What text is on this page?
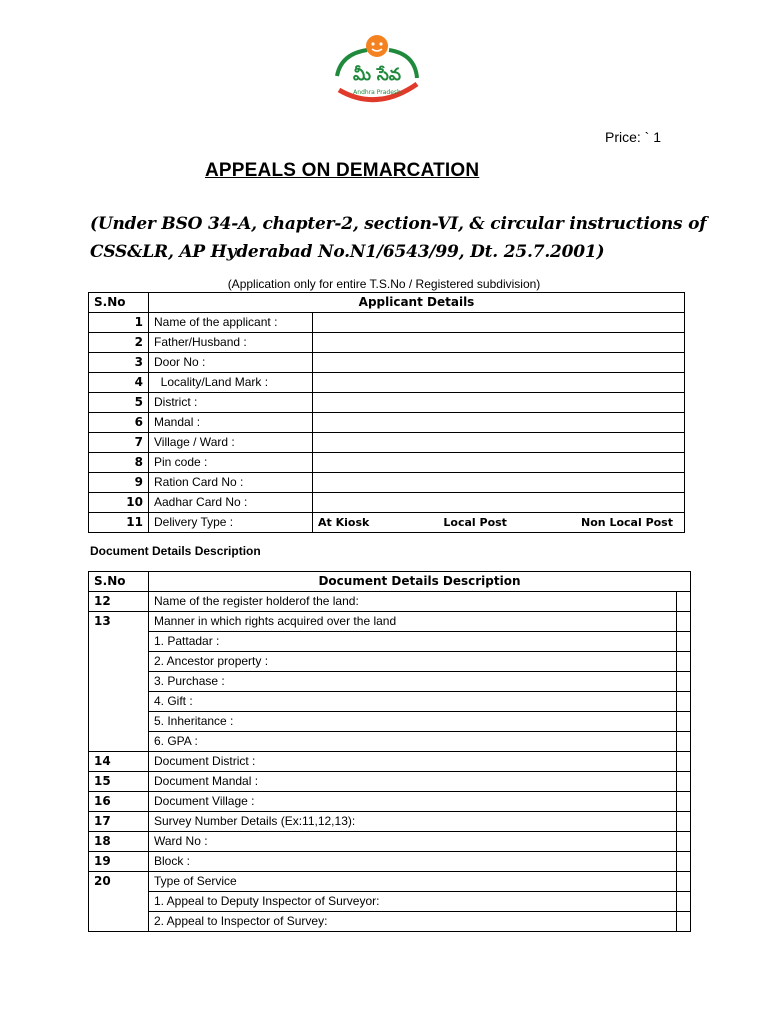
మీ సేవ
Andhra Pradesh
Price: ` 1
APPEALS ON DEMARCATION
(Under BSO 34-A, chapter-2, section-VI, & circular instructions of CSS&LR, AP Hyderabad No.N1/6543/99, Dt. 25.7.2001)
(Application only for entire T.S.No / Registered subdivision)
S.No	Applicant Details	
1	Name of the applicant :	
2	Father/Husband :	
3	Door No :	
4	Locality/Land Mark :	
5	District :	
6	Mandal :	
7	Village / Ward :	
8	Pin code :	
9	Ration Card No :	
10	Aadhar Card No :	
11	Delivery Type :	At Kiosk Local Post Non Local Post
Document Details Description
S.No	Document Details Description	
12	Name of the register holderof the land:	
13	Manner in which rights acquired over the land	
	1. Pattadar :	
	2. Ancestor property :	
	3. Purchase :	
	4. Gift :	
	5. Inheritance :	
	6. GPA :	
14	Document District :	
15	Document Mandal :	
16	Document Village :	
17	Survey Number Details (Ex:11,12,13):	
18	Ward No :	
19	Block :	
20	Type of Service	
	1. Appeal to Deputy Inspector of Surveyor:	
	2. Appeal to Inspector of Survey:	
